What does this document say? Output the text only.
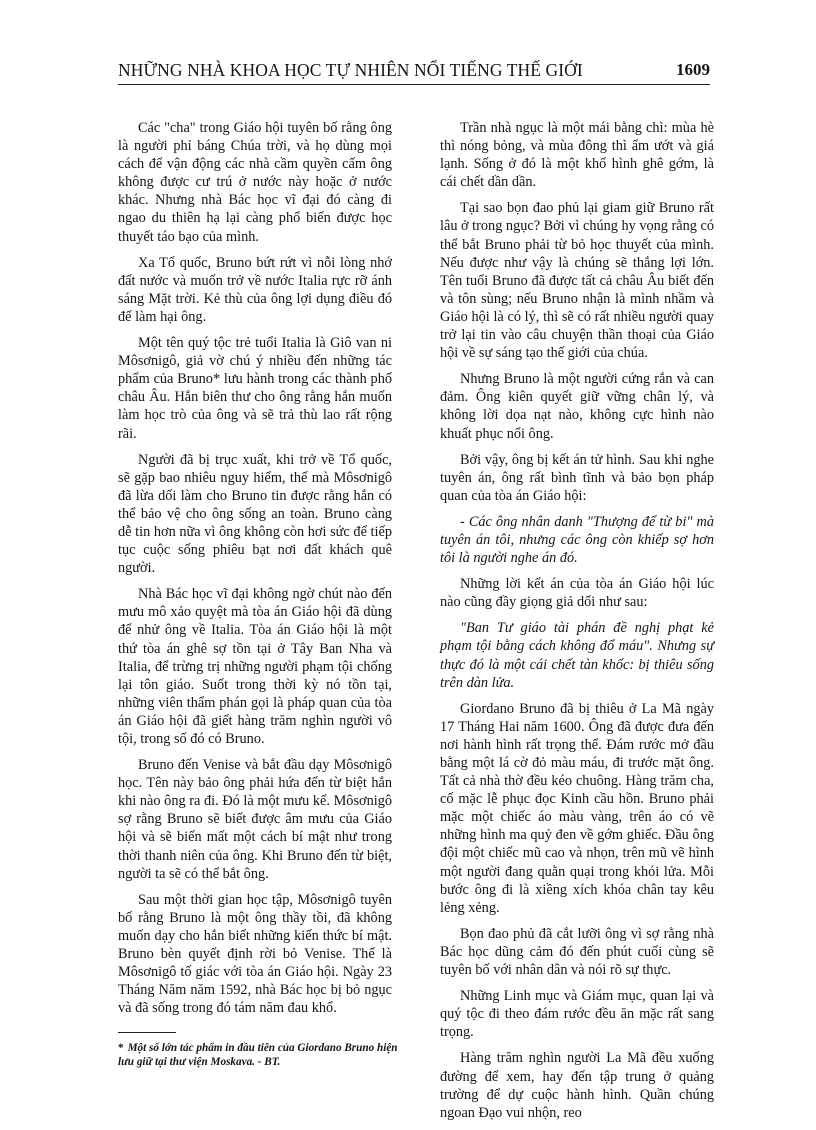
NHỮNG NHÀ KHOA HỌC TỰ NHIÊN NỔI TIẾNG THẾ GIỚI	1609

Các "cha" trong Giáo hội tuyên bố rằng ông là người phỉ báng Chúa trời, và họ dùng mọi cách để vận động các nhà cầm quyền cấm ông không được cư trú ở nước này hoặc ở nước khác. Nhưng nhà Bác học vĩ đại đó càng đi ngao du thiên hạ lại càng phổ biến được học thuyết táo bạo của mình.

Xa Tổ quốc, Bruno bứt rứt vì nỗi lòng nhớ đất nước và muốn trở về nước Italia rực rỡ ánh sáng Mặt trời. Kẻ thù của ông lợi dụng điều đó để làm hại ông.

Một tên quý tộc trẻ tuổi Italia là Giô van ni Môsơnigô, giả vờ chú ý nhiều đến những tác phẩm của Bruno* lưu hành trong các thành phố châu Âu. Hắn biên thư cho ông rằng hắn muốn làm học trò của ông và sẽ trả thù lao rất rộng rãi.

Người đã bị trục xuất, khi trở về Tổ quốc, sẽ gặp bao nhiêu nguy hiểm, thế mà Môsơnigô đã lừa dối làm cho Bruno tin được rằng hắn có thể bảo vệ cho ông sống an toàn. Bruno càng dễ tin hơn nữa vì ông không còn hơi sức để tiếp tục cuộc sống phiêu bạt nơi đất khách quê người.

Nhà Bác học vĩ đại không ngờ chút nào đến mưu mô xảo quyệt mà tòa án Giáo hội đã dùng để nhử ông về Italia. Tòa án Giáo hội là một thứ tòa án ghê sợ tồn tại ở Tây Ban Nha và Italia, để trừng trị những người phạm tội chống lại tôn giáo. Suốt trong thời kỳ nó tồn tại, những viên thẩm phán gọi là pháp quan của tòa án Giáo hội đã giết hàng trăm nghìn người vô tội, trong số đó có Bruno.

Bruno đến Venise và bắt đầu dạy Môsơnigô học. Tên này bảo ông phải hứa đến từ biệt hắn khi nào ông ra đi. Đó là một mưu kế. Môsơnigô sợ rằng Bruno sẽ biết được âm mưu của Giáo hội và sẽ biến mất một cách bí mật như trong thời thanh niên của ông. Khi Bruno đến từ biệt, người ta sẽ có thể bắt ông.

Sau một thời gian học tập, Môsơnigô tuyên bố rằng Bruno là một ông thầy tồi, đã không muốn dạy cho hắn biết những kiến thức bí mật. Bruno bèn quyết định rời bỏ Venise. Thế là Môsơnigô tố giác với tòa án Giáo hội. Ngày 23 Tháng Năm năm 1592, nhà Bác học bị bỏ ngục và đã sống trong đó tám năm đau khổ.

Trần nhà ngục là một mái bằng chì: mùa hè thì nóng bỏng, và mùa đông thì ẩm ướt và giá lạnh. Sống ở đó là một khổ hình ghê gớm, là cái chết dần dần.

Tại sao bọn đao phủ lại giam giữ Bruno rất lâu ở trong ngục? Bởi vì chúng hy vọng rằng có thể bắt Bruno phải từ bỏ học thuyết của mình. Nếu được như vậy là chúng sẽ thắng lợi lớn. Tên tuổi Bruno đã được tất cả châu Âu biết đến và tôn sùng; nếu Bruno nhận là mình nhầm và Giáo hội là có lý, thì sẽ có rất nhiều người quay trở lại tin vào câu chuyện thần thoại của Giáo hội về sự sáng tạo thế giới của chúa.

Nhưng Bruno là một người cứng rắn và can đảm. Ông kiên quyết giữ vững chân lý, và không lời dọa nạt nào, không cực hình nào khuất phục nổi ông.

Bởi vậy, ông bị kết án tử hình. Sau khi nghe tuyên án, ông rất bình tĩnh và bảo bọn pháp quan của tòa án Giáo hội:

- Các ông nhân danh "Thượng đế từ bi" mà tuyên án tôi, nhưng các ông còn khiếp sợ hơn tôi là người nghe án đó.

Những lời kết án của tòa án Giáo hội lúc nào cũng đầy giọng giả dối như sau:

"Ban Tư giáo tài phán đề nghị phạt kẻ phạm tội bằng cách không đổ máu". Nhưng sự thực đó là một cái chết tàn khốc: bị thiêu sống trên dàn lửa.

Giordano Bruno đã bị thiêu ở La Mã ngày 17 Tháng Hai năm 1600. Ông đã được đưa đến nơi hành hình rất trọng thể. Đám rước mở đầu bằng một lá cờ đỏ màu máu, đi trước mặt ông. Tất cả nhà thờ đều kéo chuông. Hàng trăm cha, cố mặc lễ phục đọc Kinh cầu hồn. Bruno phải mặc một chiếc áo màu vàng, trên áo có vẽ những hình ma quỷ đen về gớm ghiếc. Đầu ông đội một chiếc mũ cao và nhọn, trên mũ vẽ hình một người đang quằn quại trong khói lửa. Mỗi bước ông đi là xiềng xích khóa chân tay kêu lẻng xẻng.

Bọn đao phủ đã cắt lưỡi ông vì sợ rằng nhà Bác học dũng cảm đó đến phút cuối cùng sẽ tuyên bố với nhân dân và nói rõ sự thực.

Những Linh mục và Giám mục, quan lại và quý tộc đi theo đám rước đều ăn mặc rất sang trọng.

Hàng trăm nghìn người La Mã đều xuống đường để xem, hay đến tập trung ở quảng trường để dự cuộc hành hình. Quần chúng ngoan Đạo vui nhộn, reo

* Một số lớn tác phẩm in đầu tiên của Giordano Bruno hiện lưu giữ tại thư viện Moskava. - BT.
